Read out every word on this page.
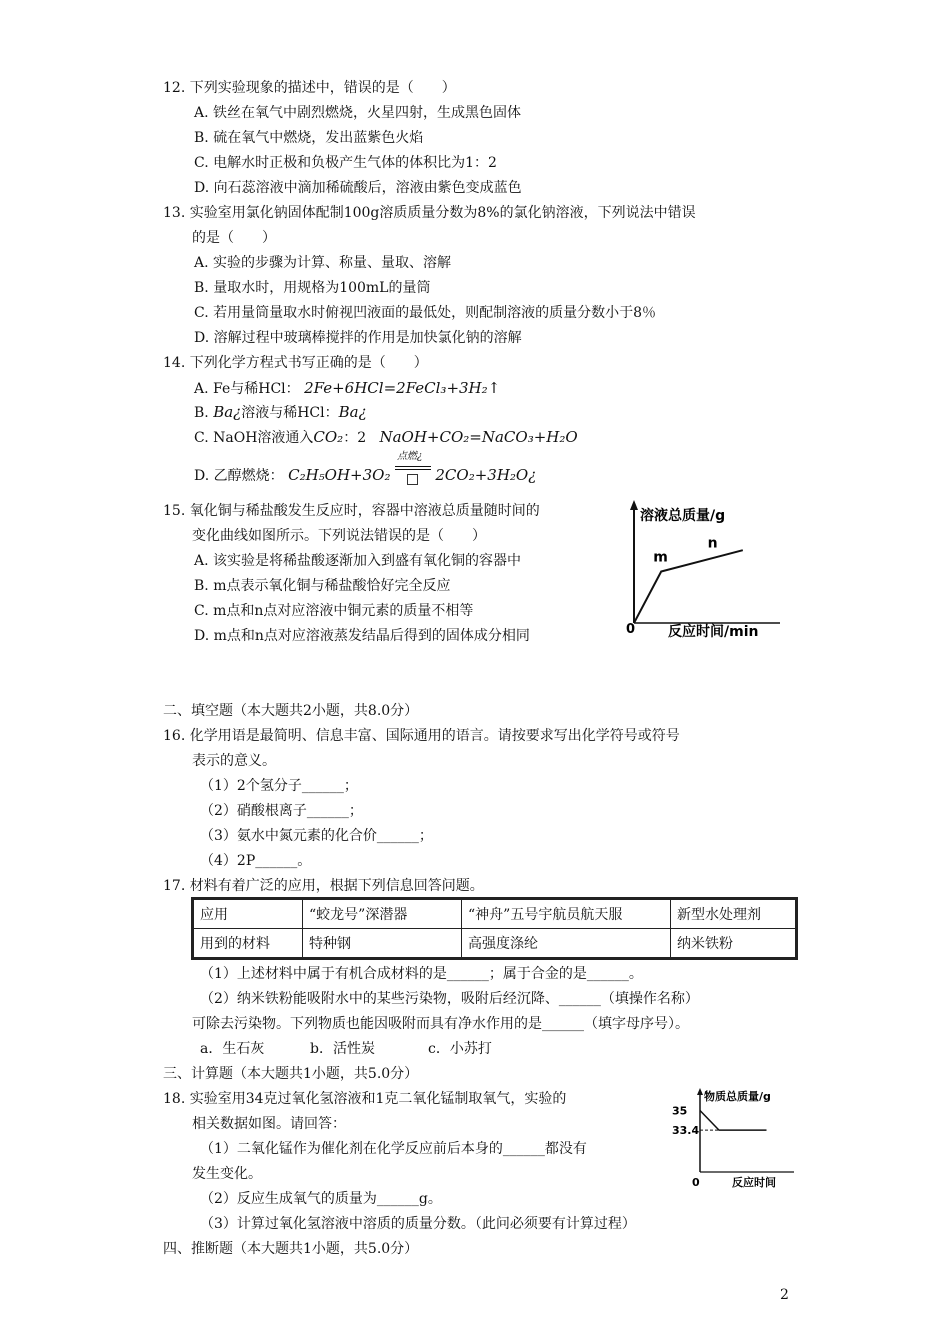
12. 下列实验现象的描述中，错误的是（　　）
A. 铁丝在氧气中剧烈燃烧，火星四射，生成黑色固体
B. 硫在氧气中燃烧，发出蓝紫色火焰
C. 电解水时正极和负极产生气体的体积比为1：2
D. 向石蕊溶液中滴加稀硫酸后，溶液由紫色变成蓝色
13. 实验室用氯化钠固体配制100g溶质质量分数为8%的氯化钠溶液，下列说法中错误
的是（　　）
A. 实验的步骤为计算、称量、量取、溶解
B. 量取水时，用规格为100mL的量筒
C. 若用量筒量取水时俯视凹液面的最低处，则配制溶液的质量分数小于8％
D. 溶解过程中玻璃棒搅拌的作用是加快氯化钠的溶解
14. 下列化学方程式书写正确的是（　　）
A. Fe与稀HCl： 2Fe+6HCl=2FeCl₃+3H₂↑
B. Ba¿溶液与稀HCl：Ba¿
C. NaOH溶液通入CO₂：2 NaOH+CO₂=NaCO₃+H₂O
D. 乙醇燃烧： C₂H₅OH+3O₂
点燃¿
2CO₂+3H₂O¿
15. 氧化铜与稀盐酸发生反应时，容器中溶液总质量随时间的
变化曲线如图所示。下列说法错误的是（　　）
A. 该实验是将稀盐酸逐渐加入到盛有氧化铜的容器中
B. m点表示氧化铜与稀盐酸恰好完全反应
C. m点和n点对应溶液中铜元素的质量不相等
D. m点和n点对应溶液蒸发结晶后得到的固体成分相同
溶液总质量/g
反应时间/min
0
m
n
二、填空题（本大题共2小题，共8.0分）
16. 化学用语是最简明、信息丰富、国际通用的语言。请按要求写出化学符号或符号
表示的意义。
（1）2个氢分子______；
（2）硝酸根离子______；
（3）氨水中氮元素的化合价______；
（4）2P______。
17. 材料有着广泛的应用，根据下列信息回答问题。
应用	“蛟龙号”深潜器	“神舟”五号宇航员航天服	新型水处理剂
用到的材料	特种钢	高强度涤纶	纳米铁粉
（1）上述材料中属于有机合成材料的是______；属于合金的是______。
（2）纳米铁粉能吸附水中的某些污染物，吸附后经沉降、______（填操作名称）
可除去污染物。下列物质也能因吸附而具有净水作用的是______（填字母序号）。
a．生石灰	b．活性炭	c．小苏打
三、计算题（本大题共1小题，共5.0分）
18. 实验室用34克过氧化氢溶液和1克二氧化锰制取氧气，实验的
相关数据如图。请回答：
（1）二氧化锰作为催化剂在化学反应前后本身的______都没有
发生变化。
（2）反应生成氧气的质量为______g。
（3）计算过氧化氢溶液中溶质的质量分数。（此问必须要有计算过程）
物质总质量/g
反应时间
0
35
33.4
四、推断题（本大题共1小题，共5.0分）
2
